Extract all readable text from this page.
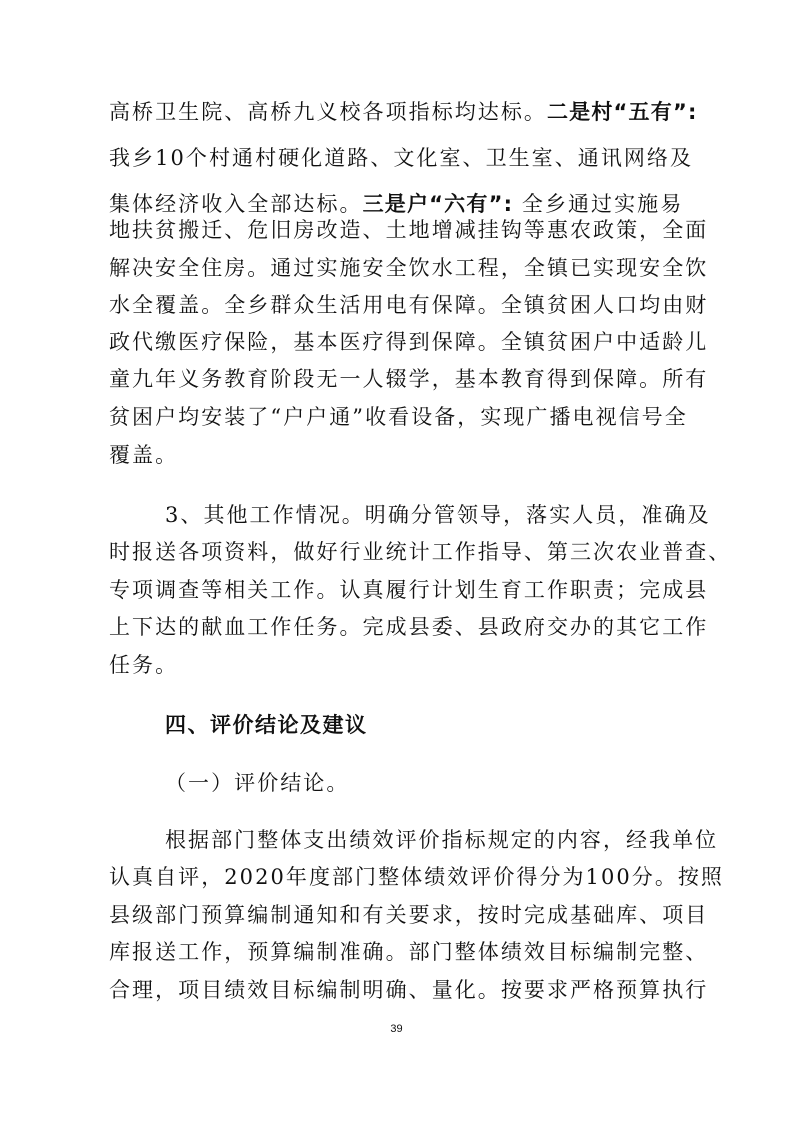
高桥卫生院、高桥九义校各项指标均达标。二是村“五有”:
我乡10个村通村硬化道路、文化室、卫生室、通讯网络及
集体经济收入全部达标。三是户“六有”: 全乡通过实施易
地扶贫搬迁、危旧房改造、土地增减挂钩等惠农政策，全面
解决安全住房。通过实施安全饮水工程，全镇已实现安全饮
水全覆盖。全乡群众生活用电有保障。全镇贫困人口均由财
政代缴医疗保险，基本医疗得到保障。全镇贫困户中适龄儿
童九年义务教育阶段无一人辍学，基本教育得到保障。所有
贫困户均安装了“户户通”收看设备，实现广播电视信号全
覆盖。
3、其他工作情况。明确分管领导，落实人员，准确及
时报送各项资料，做好行业统计工作指导、第三次农业普查、
专项调查等相关工作。认真履行计划生育工作职责；完成县
上下达的献血工作任务。完成县委、县政府交办的其它工作
任务。
四、评价结论及建议
（一）评价结论。
根据部门整体支出绩效评价指标规定的内容，经我单位
认真自评，2020年度部门整体绩效评价得分为100分。按照
县级部门预算编制通知和有关要求，按时完成基础库、项目
库报送工作，预算编制准确。部门整体绩效目标编制完整、
合理，项目绩效目标编制明确、量化。按要求严格预算执行
39
